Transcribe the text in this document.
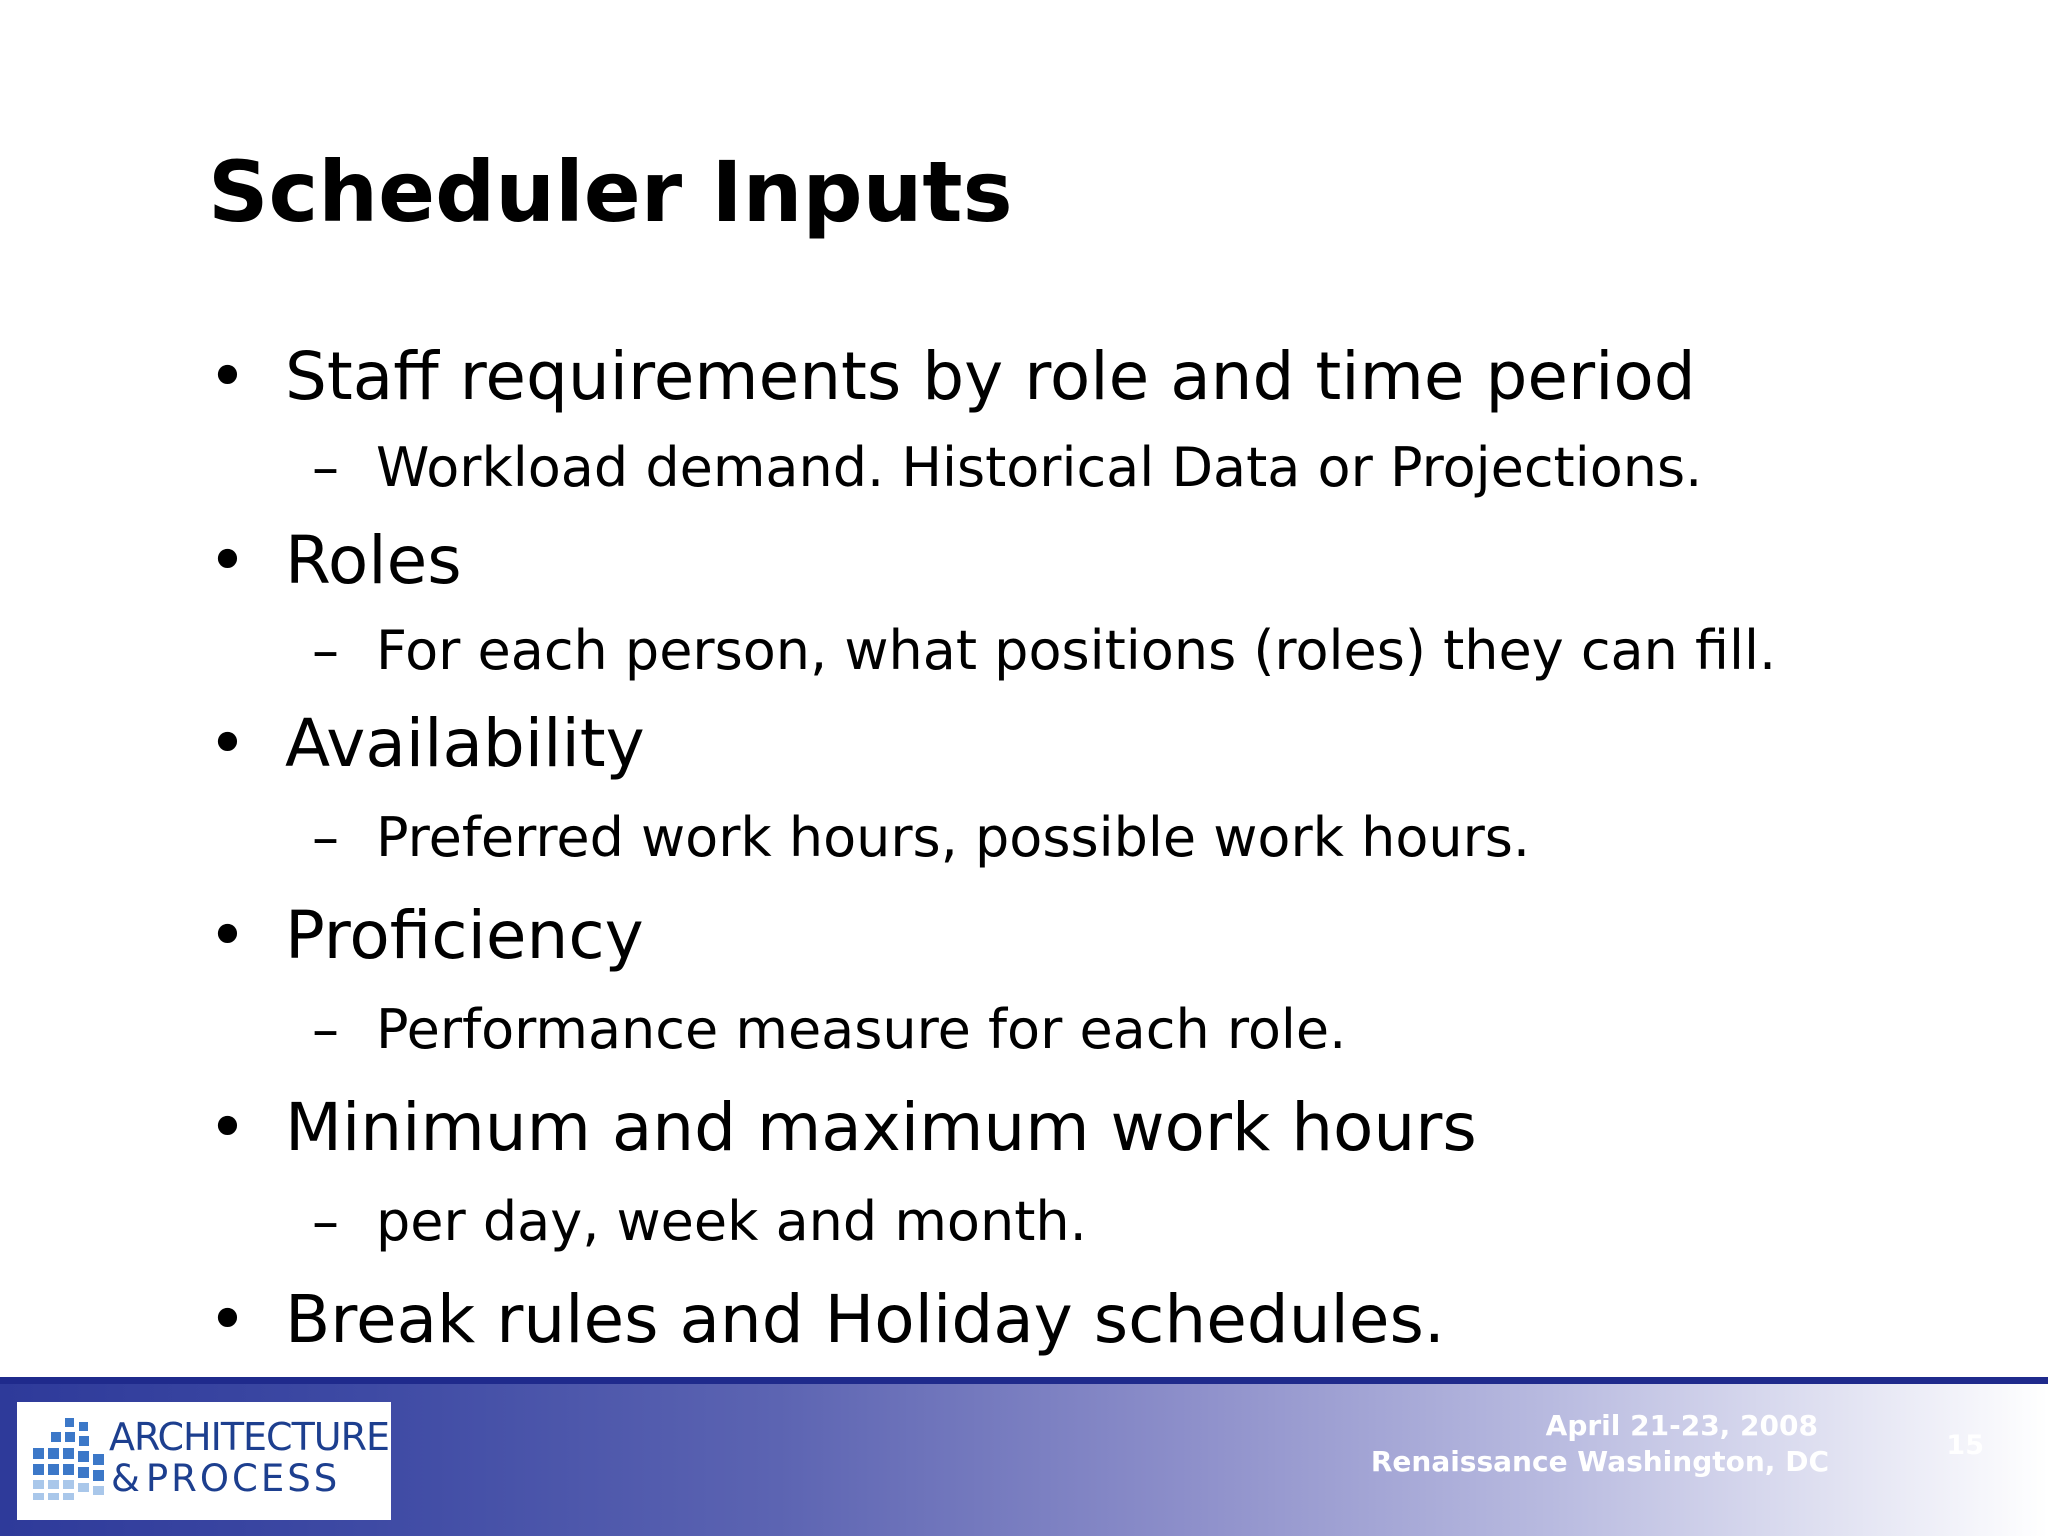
Scheduler Inputs
• Staff requirements by role and time period
– Workload demand. Historical Data or Projections.
• Roles
– For each person, what positions (roles) they can fill.
• Availability
– Preferred work hours, possible work hours.
• Proficiency
– Performance measure for each role.
• Minimum and maximum work hours
– per day, week and month.
• Break rules and Holiday schedules.
ARCHITECTURE
& PROCESS
April 21-23, 2008
Renaissance Washington, DC	15
